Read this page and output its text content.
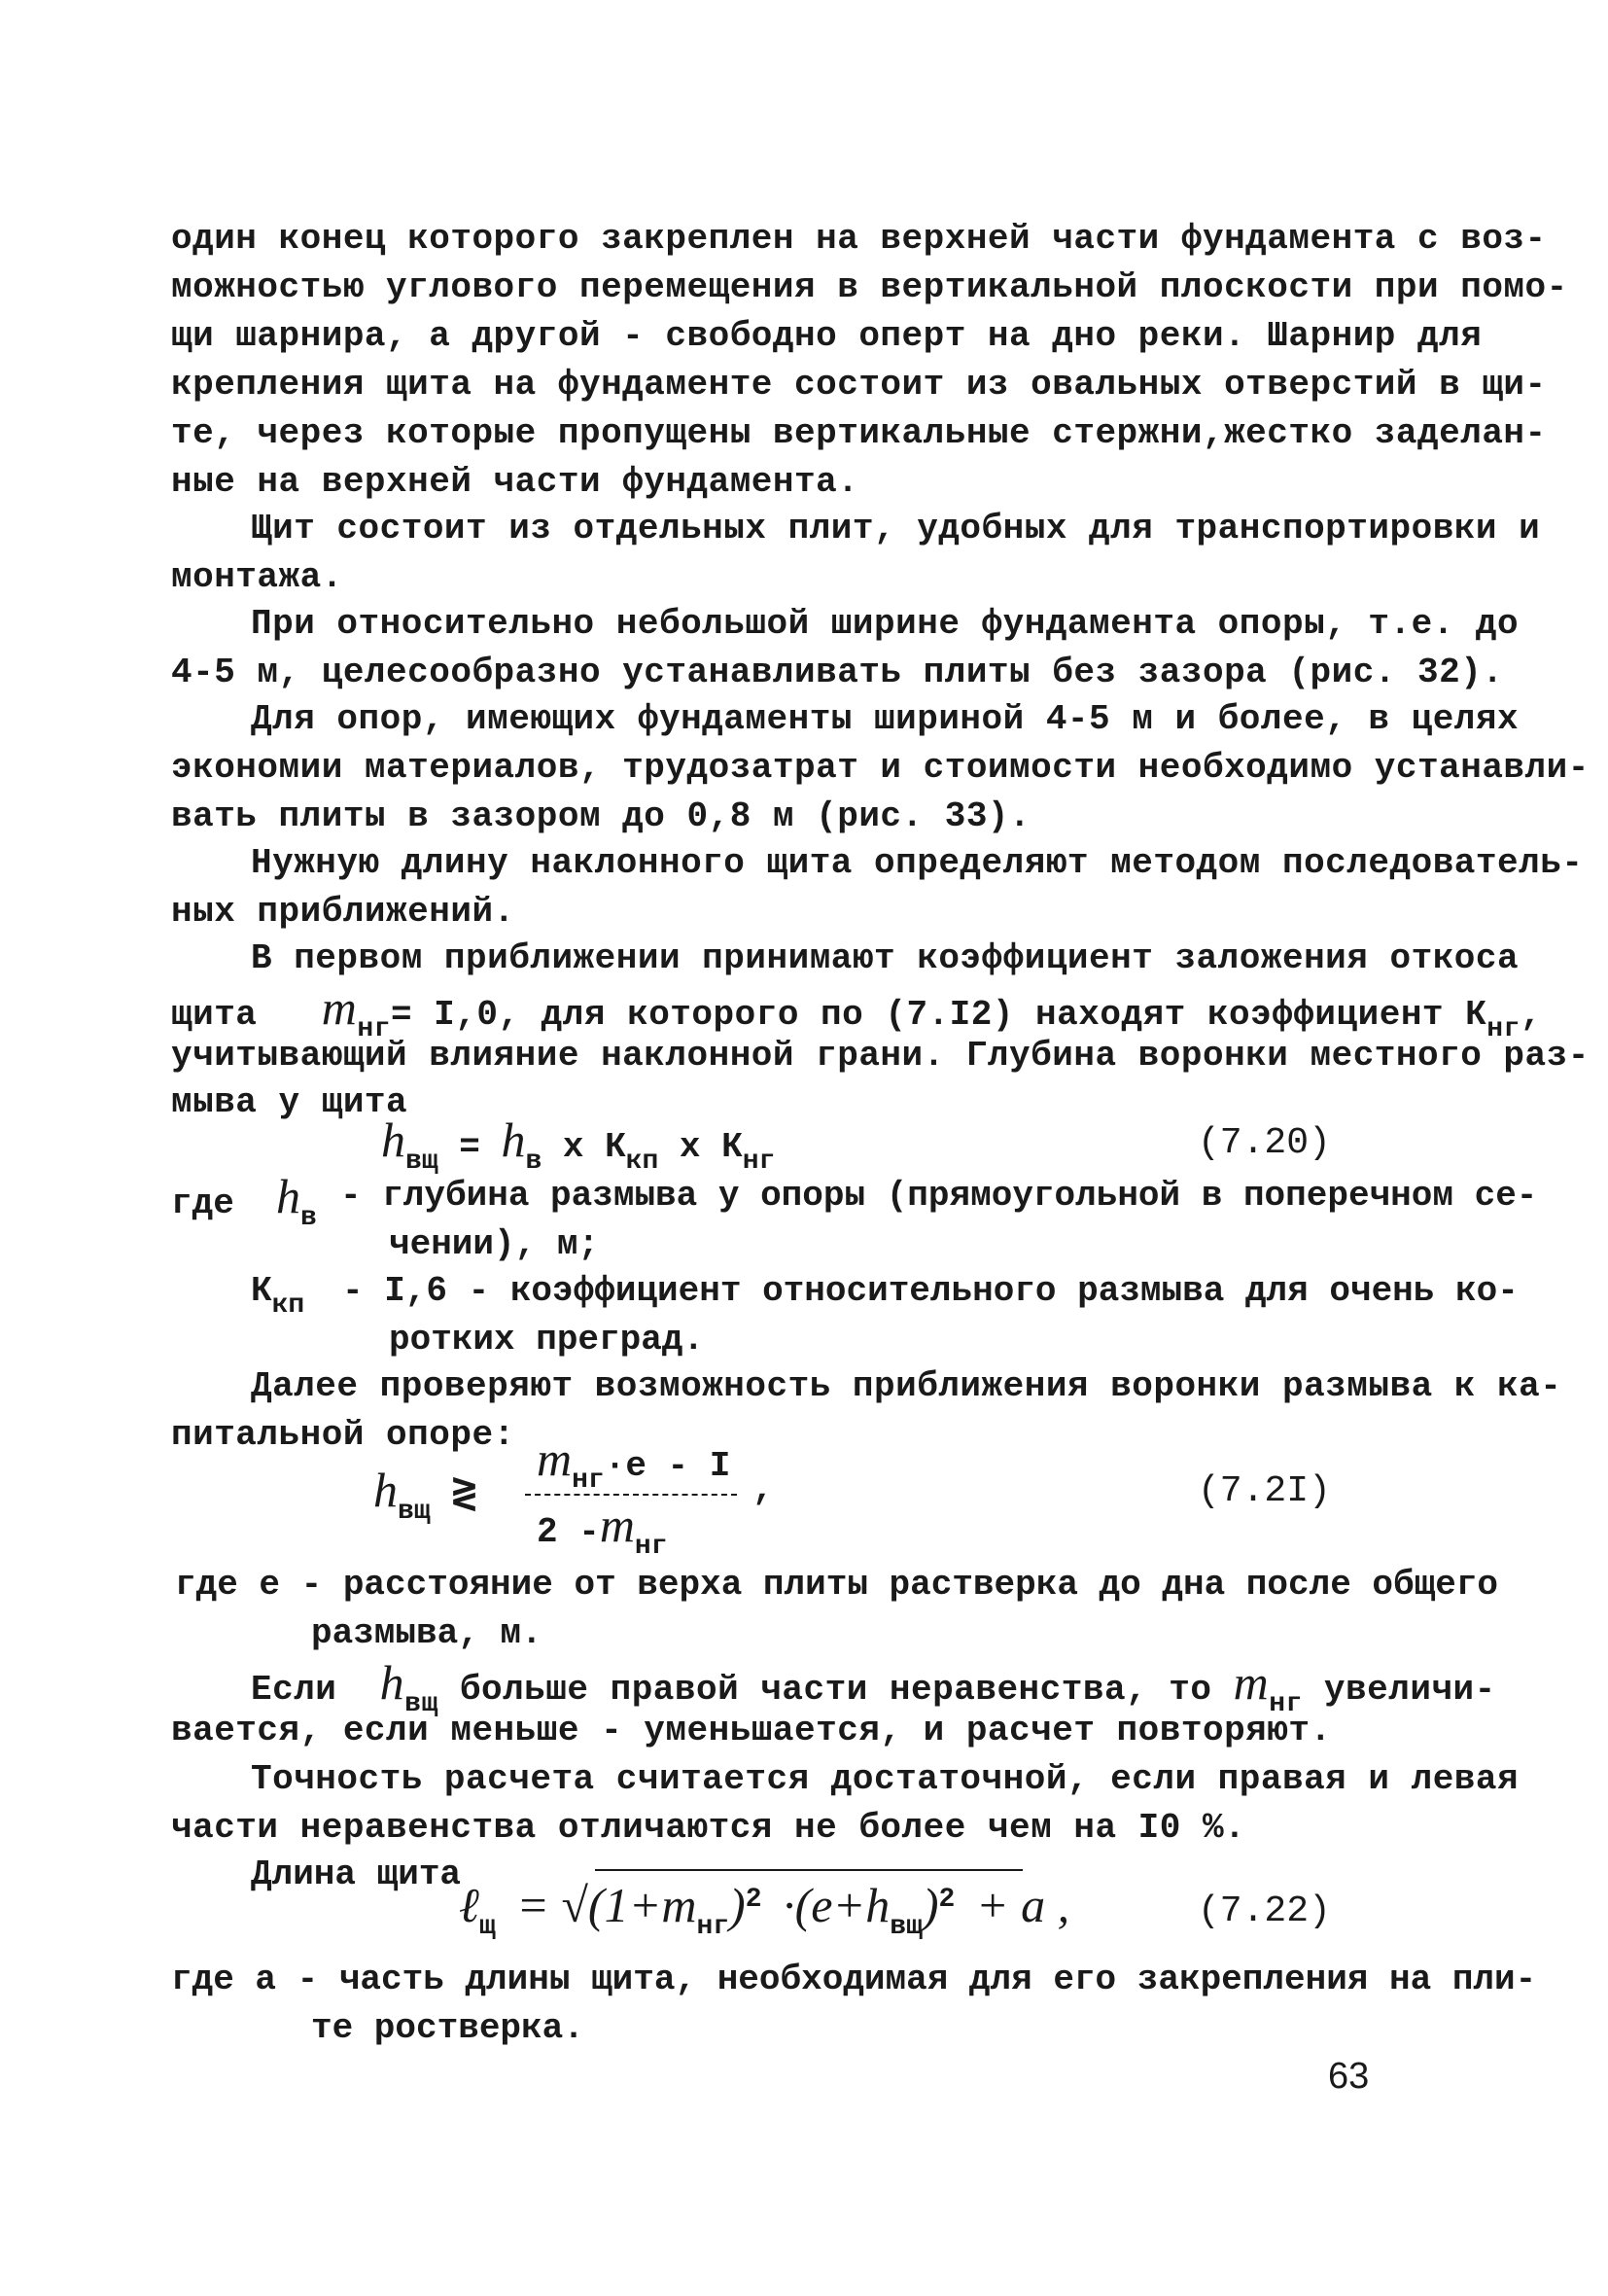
один конец которого закреплен на верхней части фундамента с воз-
можностью углового перемещения в вертикальной плоскости при помо-
щи шарнира, а другой - свободно оперт на дно реки. Шарнир для
крепления щита на фундаменте состоит из овальных отверстий в щи-
те, через которые пропущены вертикальные стержни,жестко заделан-
ные на верхней части фундамента.
Щит состоит из отдельных плит, удобных для транспортировки и
монтажа.
При относительно небольшой ширине фундамента опоры, т.е. до
4-5 м, целесообразно устанавливать плиты без зазора (рис. 32).
Для опор, имеющих фундаменты шириной 4-5 м и более, в целях
экономии материалов, трудозатрат и стоимости необходимо устанавли-
вать плиты в зазором до 0,8 м (рис. 33).
Нужную длину наклонного щита определяют методом последователь-
ных приближений.
В первом приближении принимают коэффициент заложения откоса
щита $m_{нг}= I,0$, для которого по (7.I2) находят коэффициент $К_{нг}$,
учитывающий влияние наклонной грани. Глубина воронки местного раз-
мыва у щита
$h_{вщ} = h_в$ x $К_{кп}$ x $К_{нг}$	(7.20)
где $h_в$
- глубина размыва у опоры (прямоугольной в поперечном се-
чении), м;
$К_{кп} - I,6$ - коэффициент относительного размыва для очень ко-
ротких преград.
Далее проверяют возможность приближения воронки размыва к ка-
питальной опоре:
$h_{вщ}$ ≷
$m_{нг}\cdot e - I$
2 $-m_{нг}$
,	(7.2I)
где е - расстояние от верха плиты растверка до дна после общего
размыва, м.
Если $h_{вщ}$ больше правой части неравенства, то $m_{нг}$ увеличи-
вается, если меньше - уменьшается, и расчет повторяют.
Точность расчета считается достаточной, если правая и левая
части неравенства отличаются не более чем на I0 %.
Длина щита
ℓ$_щ$ = $√(1+m_{нг})^2 \cdot(e+h_{вщ})^2 + a$ ,	(7.22)
где а - часть длины щита, необходимая для его закрепления на пли-
те ростверка.
63
